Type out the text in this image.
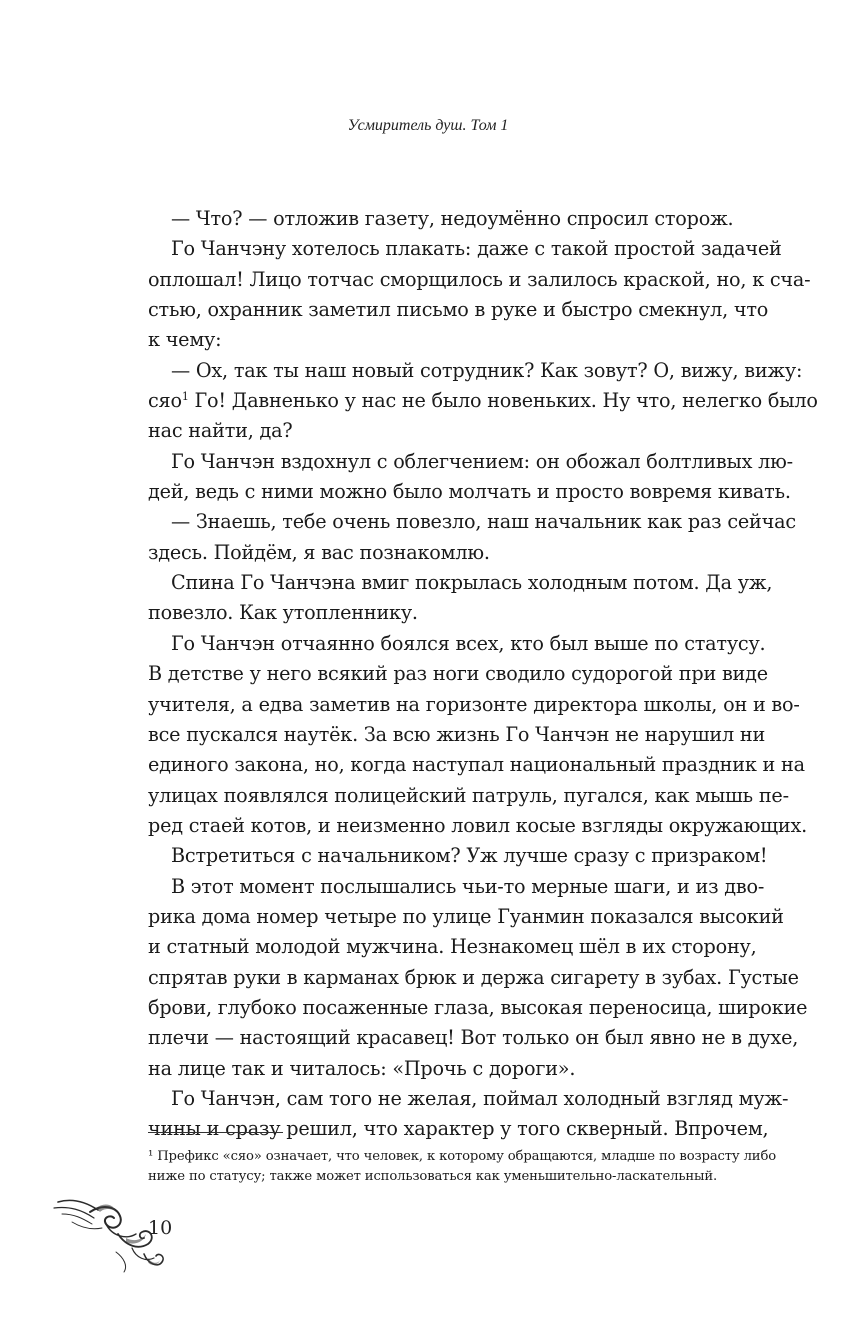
Усмиритель душ. Том 1
— Что? — отложив газету, недоумённо спросил сторож.
Го Чанчэну хотелось плакать: даже с такой простой задачей
оплошал! Лицо тотчас сморщилось и залилось краской, но, к сча-
стью, охранник заметил письмо в руке и быстро смекнул, что
к чему:
— Ох, так ты наш новый сотрудник? Как зовут? О, вижу, вижу:
сяо$^1$ Го! Давненько у нас не было новеньких. Ну что, нелегко было
нас найти, да?
Го Чанчэн вздохнул с облегчением: он обожал болтливых лю-
дей, ведь с ними можно было молчать и просто вовремя кивать.
— Знаешь, тебе очень повезло, наш начальник как раз сейчас
здесь. Пойдём, я вас познакомлю.
Спина Го Чанчэна вмиг покрылась холодным потом. Да уж,
повезло. Как утопленнику.
Го Чанчэн отчаянно боялся всех, кто был выше по статусу.
В детстве у него всякий раз ноги сводило судорогой при виде
учителя, а едва заметив на горизонте директора школы, он и во-
все пускался наутёк. За всю жизнь Го Чанчэн не нарушил ни
единого закона, но, когда наступал национальный праздник и на
улицах появлялся полицейский патруль, пугался, как мышь пе-
ред стаей котов, и неизменно ловил косые взгляды окружающих.
Встретиться с начальником? Уж лучше сразу с призраком!
В этот момент послышались чьи-то мерные шаги, и из дво-
рика дома номер четыре по улице Гуанмин показался высокий
и статный молодой мужчина. Незнакомец шёл в их сторону,
спрятав руки в карманах брюк и держа сигарету в зубах. Густые
брови, глубоко посаженные глаза, высокая переносица, широкие
плечи — настоящий красавец! Вот только он был явно не в духе,
на лице так и читалось: «Прочь с дороги».
Го Чанчэн, сам того не желая, поймал холодный взгляд муж-
чины и сразу решил, что характер у того скверный. Впрочем,
¹ Префикс «сяо» означает, что человек, к которому обращаются, младше по возрасту либо
ниже по статусу; также может использоваться как уменьшительно-ласкательный.
10
